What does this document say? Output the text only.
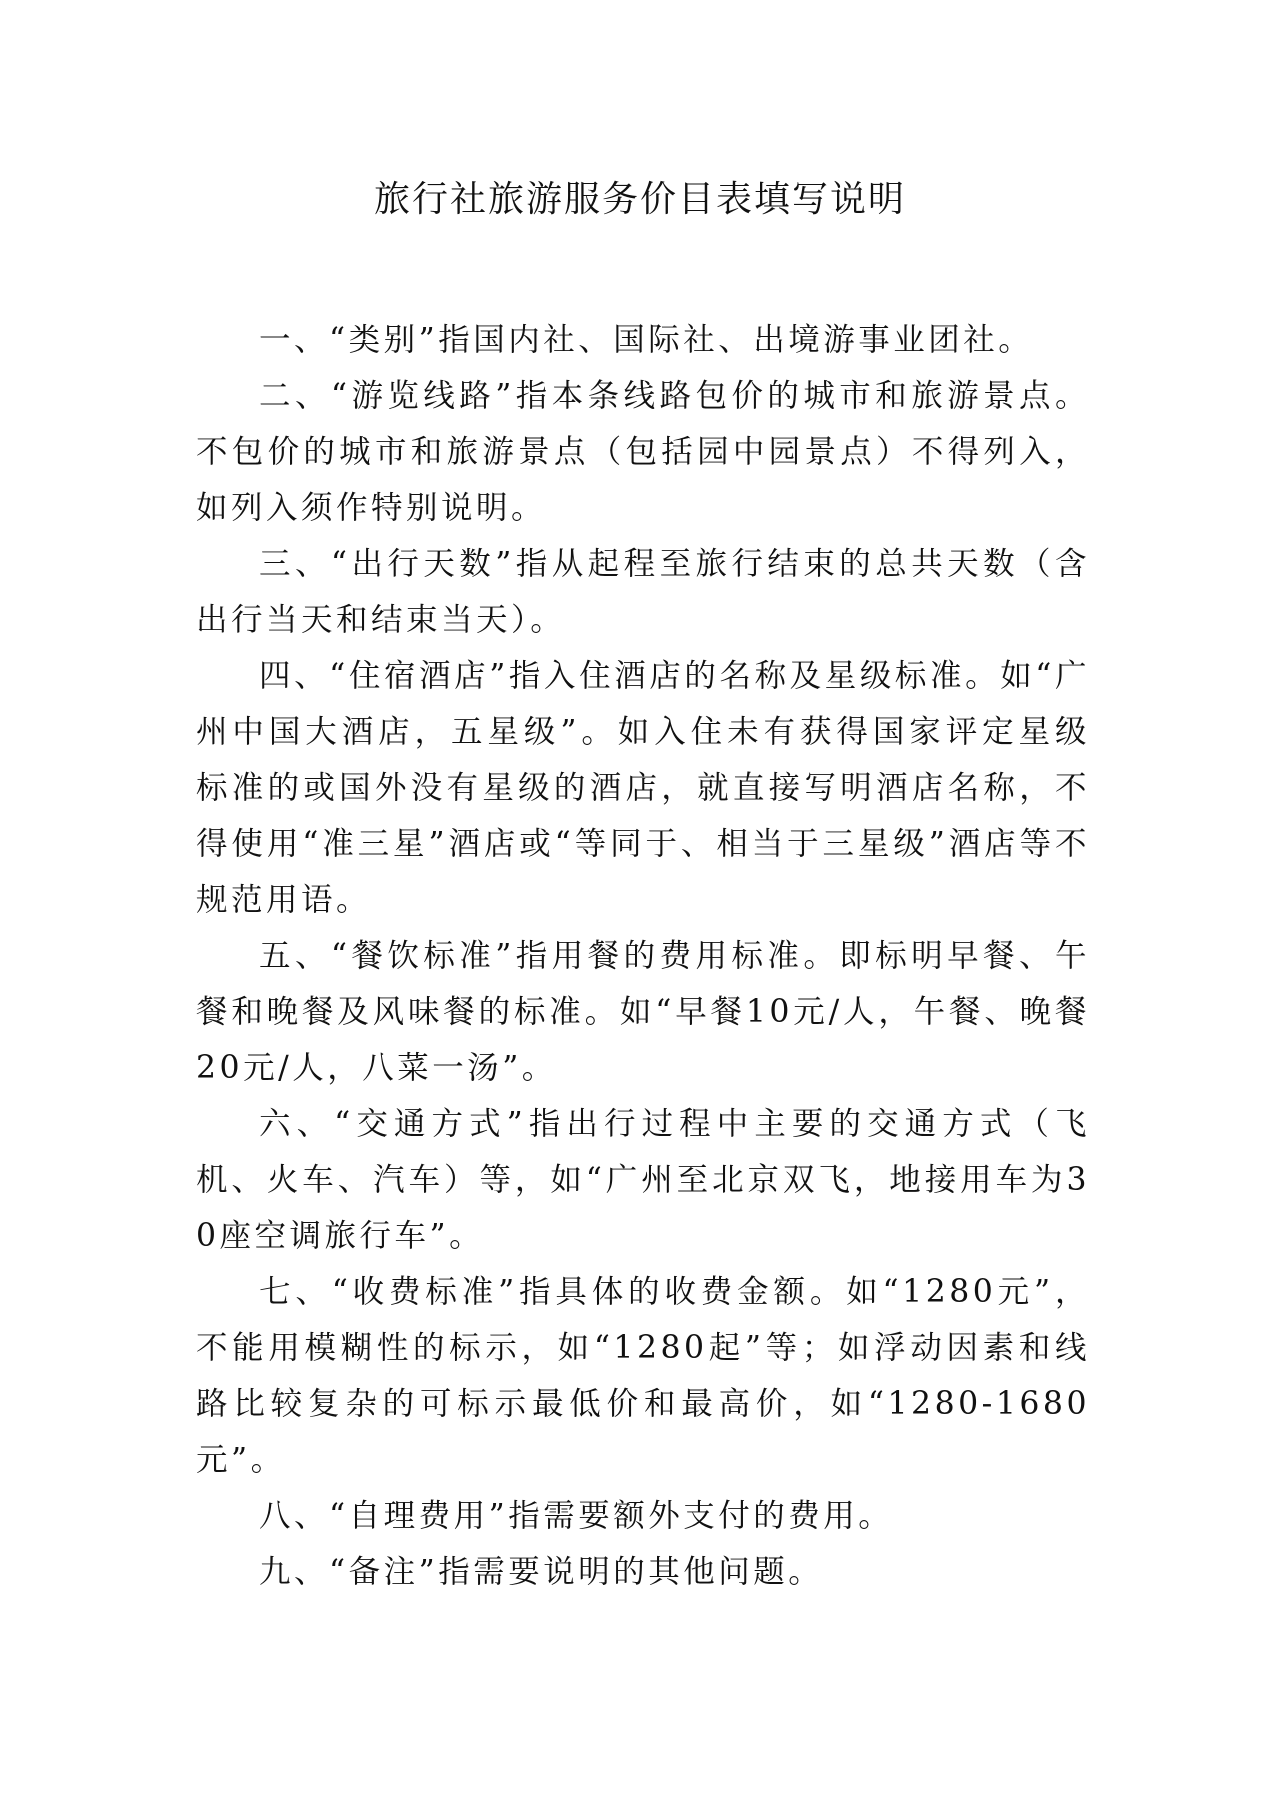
旅行社旅游服务价目表填写说明

一、“类别”指国内社、国际社、出境游事业团社。

二、“游览线路”指本条线路包价的城市和旅游景点。不包价的城市和旅游景点（包括园中园景点）不得列入，如列入须作特别说明。

三、“出行天数”指从起程至旅行结束的总共天数（含出行当天和结束当天）。

四、“住宿酒店”指入住酒店的名称及星级标准。如“广州中国大酒店，五星级”。如入住未有获得国家评定星级标准的或国外没有星级的酒店，就直接写明酒店名称，不得使用“准三星”酒店或“等同于、相当于三星级”酒店等不规范用语。

五、“餐饮标准”指用餐的费用标准。即标明早餐、午餐和晚餐及风味餐的标准。如“早餐10元/人，午餐、晚餐20元/人，八菜一汤”。

六、“交通方式”指出行过程中主要的交通方式（飞机、火车、汽车）等，如“广州至北京双飞，地接用车为30座空调旅行车”。

七、“收费标准”指具体的收费金额。如“1280元”，不能用模糊性的标示，如“1280起”等；如浮动因素和线路比较复杂的可标示最低价和最高价，如“1280-1680元”。

八、“自理费用”指需要额外支付的费用。

九、“备注”指需要说明的其他问题。
